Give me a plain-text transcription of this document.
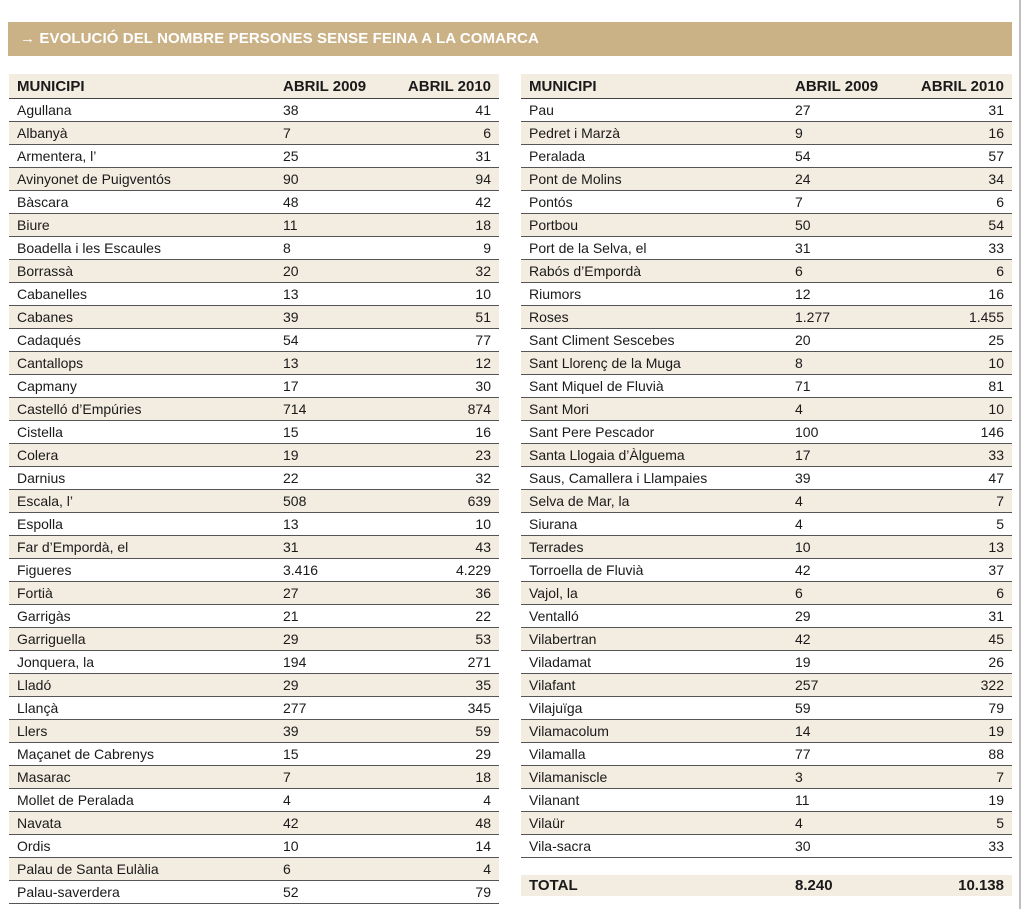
→ EVOLUCIÓ DEL NOMBRE PERSONES SENSE FEINA A LA COMARCA
MUNICIPI	ABRIL 2009	ABRIL 2010
Agullana	38	41
Albanyà	7	6
Armentera, l’	25	31
Avinyonet de Puigventós	90	94
Bàscara	48	42
Biure	11	18
Boadella i les Escaules	8	9
Borrassà	20	32
Cabanelles	13	10
Cabanes	39	51
Cadaqués	54	77
Cantallops	13	12
Capmany	17	30
Castelló d’Empúries	714	874
Cistella	15	16
Colera	19	23
Darnius	22	32
Escala, l’	508	639
Espolla	13	10
Far d’Empordà, el	31	43
Figueres	3.416	4.229
Fortià	27	36
Garrigàs	21	22
Garriguella	29	53
Jonquera, la	194	271
Lladó	29	35
Llançà	277	345
Llers	39	59
Maçanet de Cabrenys	15	29
Masarac	7	18
Mollet de Peralada	4	4
Navata	42	48
Ordis	10	14
Palau de Santa Eulàlia	6	4
Palau-saverdera	52	79
MUNICIPI	ABRIL 2009	ABRIL 2010
Pau	27	31
Pedret i Marzà	9	16
Peralada	54	57
Pont de Molins	24	34
Pontós	7	6
Portbou	50	54
Port de la Selva, el	31	33
Rabós d’Empordà	6	6
Riumors	12	16
Roses	1.277	1.455
Sant Climent Sescebes	20	25
Sant Llorenç de la Muga	8	10
Sant Miquel de Fluvià	71	81
Sant Mori	4	10
Sant Pere Pescador	100	146
Santa Llogaia d’Àlguema	17	33
Saus, Camallera i Llampaies	39	47
Selva de Mar, la	4	7
Siurana	4	5
Terrades	10	13
Torroella de Fluvià	42	37
Vajol, la	6	6
Ventalló	29	31
Vilabertran	42	45
Viladamat	19	26
Vilafant	257	322
Vilajuïga	59	79
Vilamacolum	14	19
Vilamalla	77	88
Vilamaniscle	3	7
Vilanant	11	19
Vilaür	4	5
Vila-sacra	30	33
TOTAL	8.240	10.138
